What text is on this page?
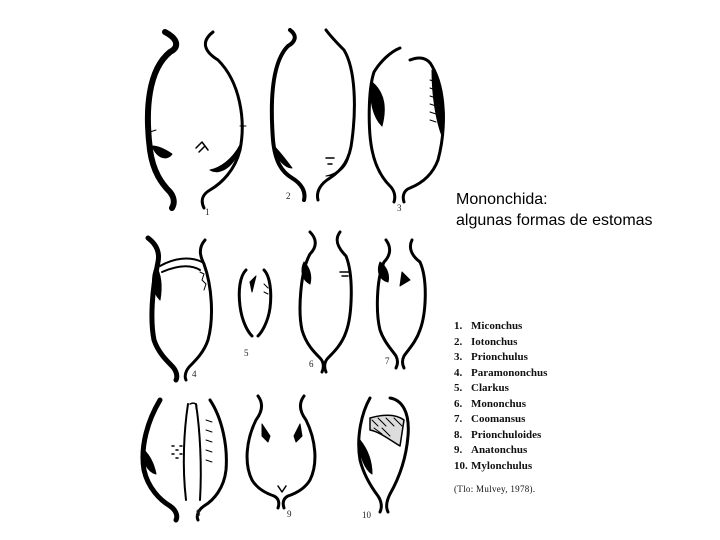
1
2
3
4
5
6	7
8	9	10
Mononchida:
algunas formas de estomas
1. Miconchus
2. Iotonchus
3. Prionchulus
4. Paramononchus
5. Clarkus
6. Mononchus
7. Coomansus
8. Prionchuloides
9. Anatonchus
10. Mylonchulus
(Tlo: Mulvey, 1978).
